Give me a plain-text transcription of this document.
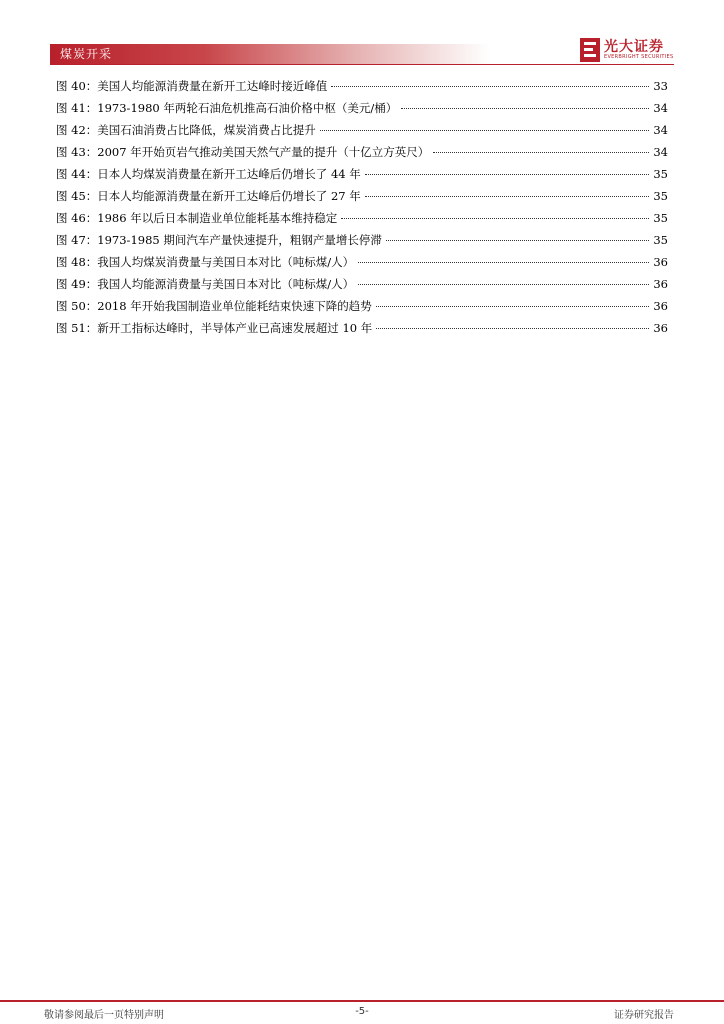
煤炭开采	光大证券
EVERBRIGHT SECURITIES
图 40：美国人均能源消费量在新开工达峰时接近峰值	33
图 41：1973-1980 年两轮石油危机推高石油价格中枢（美元/桶）	34
图 42：美国石油消费占比降低，煤炭消费占比提升	34
图 43：2007 年开始页岩气推动美国天然气产量的提升（十亿立方英尺）	34
图 44：日本人均煤炭消费量在新开工达峰后仍增长了 44 年	35
图 45：日本人均能源消费量在新开工达峰后仍增长了 27 年	35
图 46：1986 年以后日本制造业单位能耗基本维持稳定	35
图 47：1973-1985 期间汽车产量快速提升，粗钢产量增长停滞	35
图 48：我国人均煤炭消费量与美国日本对比（吨标煤/人）	36
图 49：我国人均能源消费量与美国日本对比（吨标煤/人）	36
图 50：2018 年开始我国制造业单位能耗结束快速下降的趋势	36
图 51：新开工指标达峰时，半导体产业已高速发展超过 10 年	36
敬请参阅最后一页特别声明	-5-	证券研究报告
